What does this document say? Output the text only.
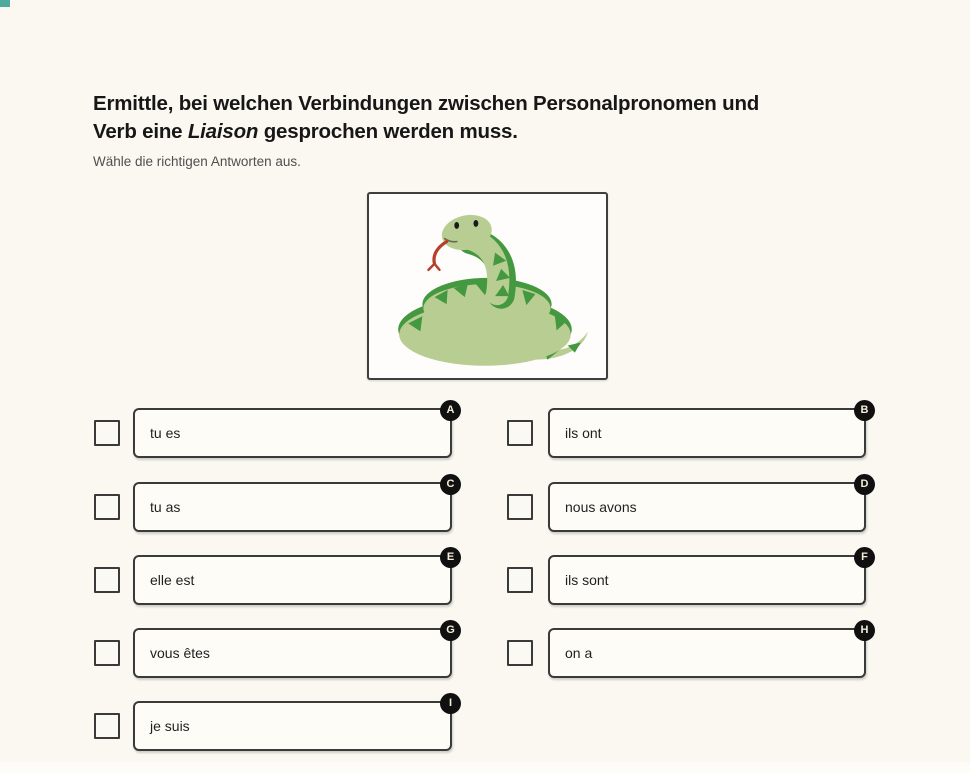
Ermittle, bei welchen Verbindungen zwischen Personalpronomen und
Verb eine Liaison gesprochen werden muss.

Wähle die richtigen Antworten aus.

A
tu es
B
ils ont
C
tu as
D
nous avons
E
elle est
F
ils sont
G
vous êtes
H
on a
I
je suis
